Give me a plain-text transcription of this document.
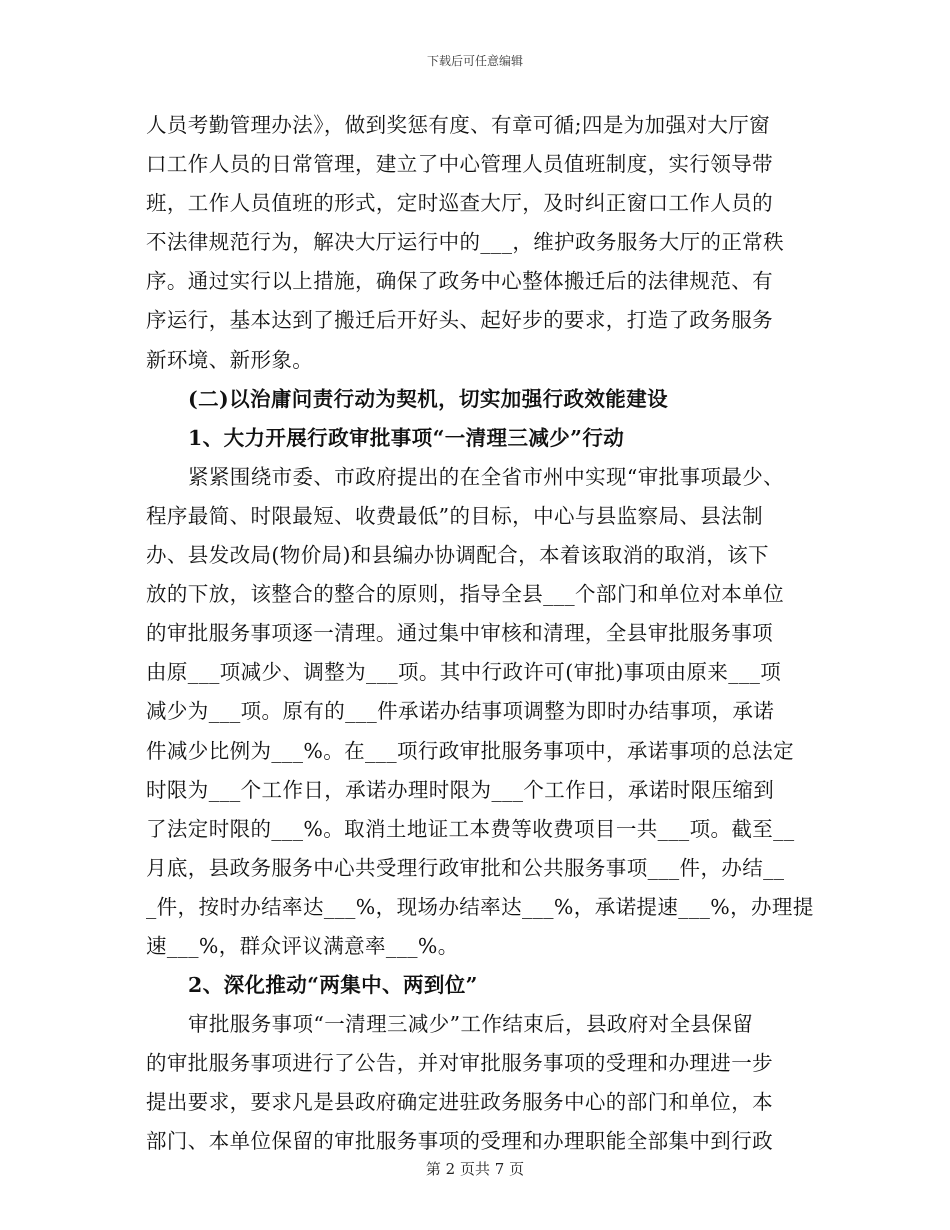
下载后可任意编辑
人员考勤管理办法》，做到奖惩有度、有章可循;四是为加强对大厅窗
口工作人员的日常管理，建立了中心管理人员值班制度，实行领导带
班，工作人员值班的形式，定时巡查大厅，及时纠正窗口工作人员的
不法律规范行为，解决大厅运行中的___，维护政务服务大厅的正常秩
序。通过实行以上措施，确保了政务中心整体搬迁后的法律规范、有
序运行，基本达到了搬迁后开好头、起好步的要求，打造了政务服务
新环境、新形象。
(二)以治庸问责行动为契机，切实加强行政效能建设
1、大力开展行政审批事项“一清理三减少”行动
紧紧围绕市委、市政府提出的在全省市州中实现“审批事项最少、
程序最简、时限最短、收费最低”的目标，中心与县监察局、县法制
办、县发改局(物价局)和县编办协调配合，本着该取消的取消，该下
放的下放，该整合的整合的原则，指导全县___个部门和单位对本单位
的审批服务事项逐一清理。通过集中审核和清理，全县审批服务事项
由原___项减少、调整为___项。其中行政许可(审批)事项由原来___项
减少为___项。原有的___件承诺办结事项调整为即时办结事项，承诺
件减少比例为___%。在___项行政审批服务事项中，承诺事项的总法定
时限为___个工作日，承诺办理时限为___个工作日，承诺时限压缩到
了法定时限的___%。取消土地证工本费等收费项目一共___项。截至__
月底，县政务服务中心共受理行政审批和公共服务事项___件，办结__
_件，按时办结率达___%，现场办结率达___%，承诺提速___%，办理提
速___%，群众评议满意率___%。
2、深化推动“两集中、两到位”
审批服务事项“一清理三减少”工作结束后，县政府对全县保留
的审批服务事项进行了公告，并对审批服务事项的受理和办理进一步
提出要求，要求凡是县政府确定进驻政务服务中心的部门和单位，本
部门、本单位保留的审批服务事项的受理和办理职能全部集中到行政
第 2 页共 7 页
